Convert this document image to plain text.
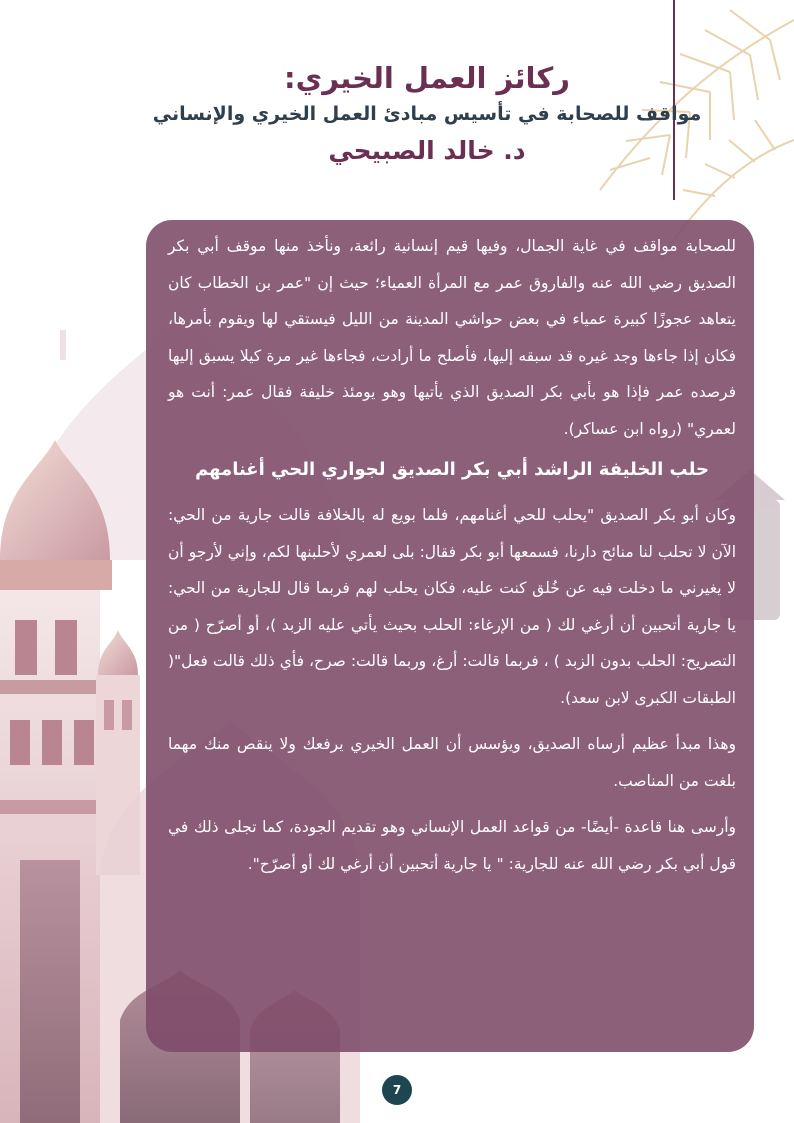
ركائز العمل الخيري:
مواقف للصحابة في تأسيس مبادئ العمل الخيري والإنساني
د. خالد الصبيحي

للصحابة مواقف في غاية الجمال، وفيها قيم إنسانية رائعة، ونأخذ منها موقف أبي بكر الصديق رضي الله عنه والفاروق عمر مع المرأة العمياء؛ حيث إن "عمر بن الخطاب كان يتعاهد عجوزًا كبيرة عمياء في بعض حواشي المدينة من الليل فيستقي لها ويقوم بأمرها، فكان إذا جاءها وجد غيره قد سبقه إليها، فأصلح ما أرادت، فجاءها غير مرة كيلا يسبق إليها فرصده عمر فإذا هو بأبي بكر الصديق الذي يأتيها وهو يومئذ خليفة فقال عمر: أنت هو لعمري" (رواه ابن عساكر).

حلب الخليفة الراشد أبي بكر الصديق لجواري الحي أغنامهم

وكان أبو بكر الصديق "يحلب للحي أغنامهم، فلما بويع له بالخلافة قالت جارية من الحي: الآن لا تحلب لنا منائح دارنا، فسمعها أبو بكر فقال: بلى لعمري لأحلبنها لكم، وإني لأرجو أن لا يغيرني ما دخلت فيه عن خُلق كنت عليه، فكان يحلب لهم فربما قال للجارية من الحي: يا جارية أتحبين أن أرغي لك ( من الإرغاء: الحلب بحيث يأتي عليه الزبد )، أو أصرّح ( من التصريح: الحلب بدون الزبد ) ، فربما قالت: أرغ، وربما قالت: صرح، فأي ذلك قالت فعل"( الطبقات الكبرى لابن سعد).

وهذا مبدأ عظيم أرساه الصديق، ويؤسس أن العمل الخيري يرفعك ولا ينقص منك مهما بلغت من المناصب.

وأرسى هنا قاعدة -أيضًا- من قواعد العمل الإنساني وهو تقديم الجودة، كما تجلى ذلك في قول أبي بكر رضي الله عنه للجارية: " يا جارية أتحبين أن أرغي لك أو أصرّح".

7
